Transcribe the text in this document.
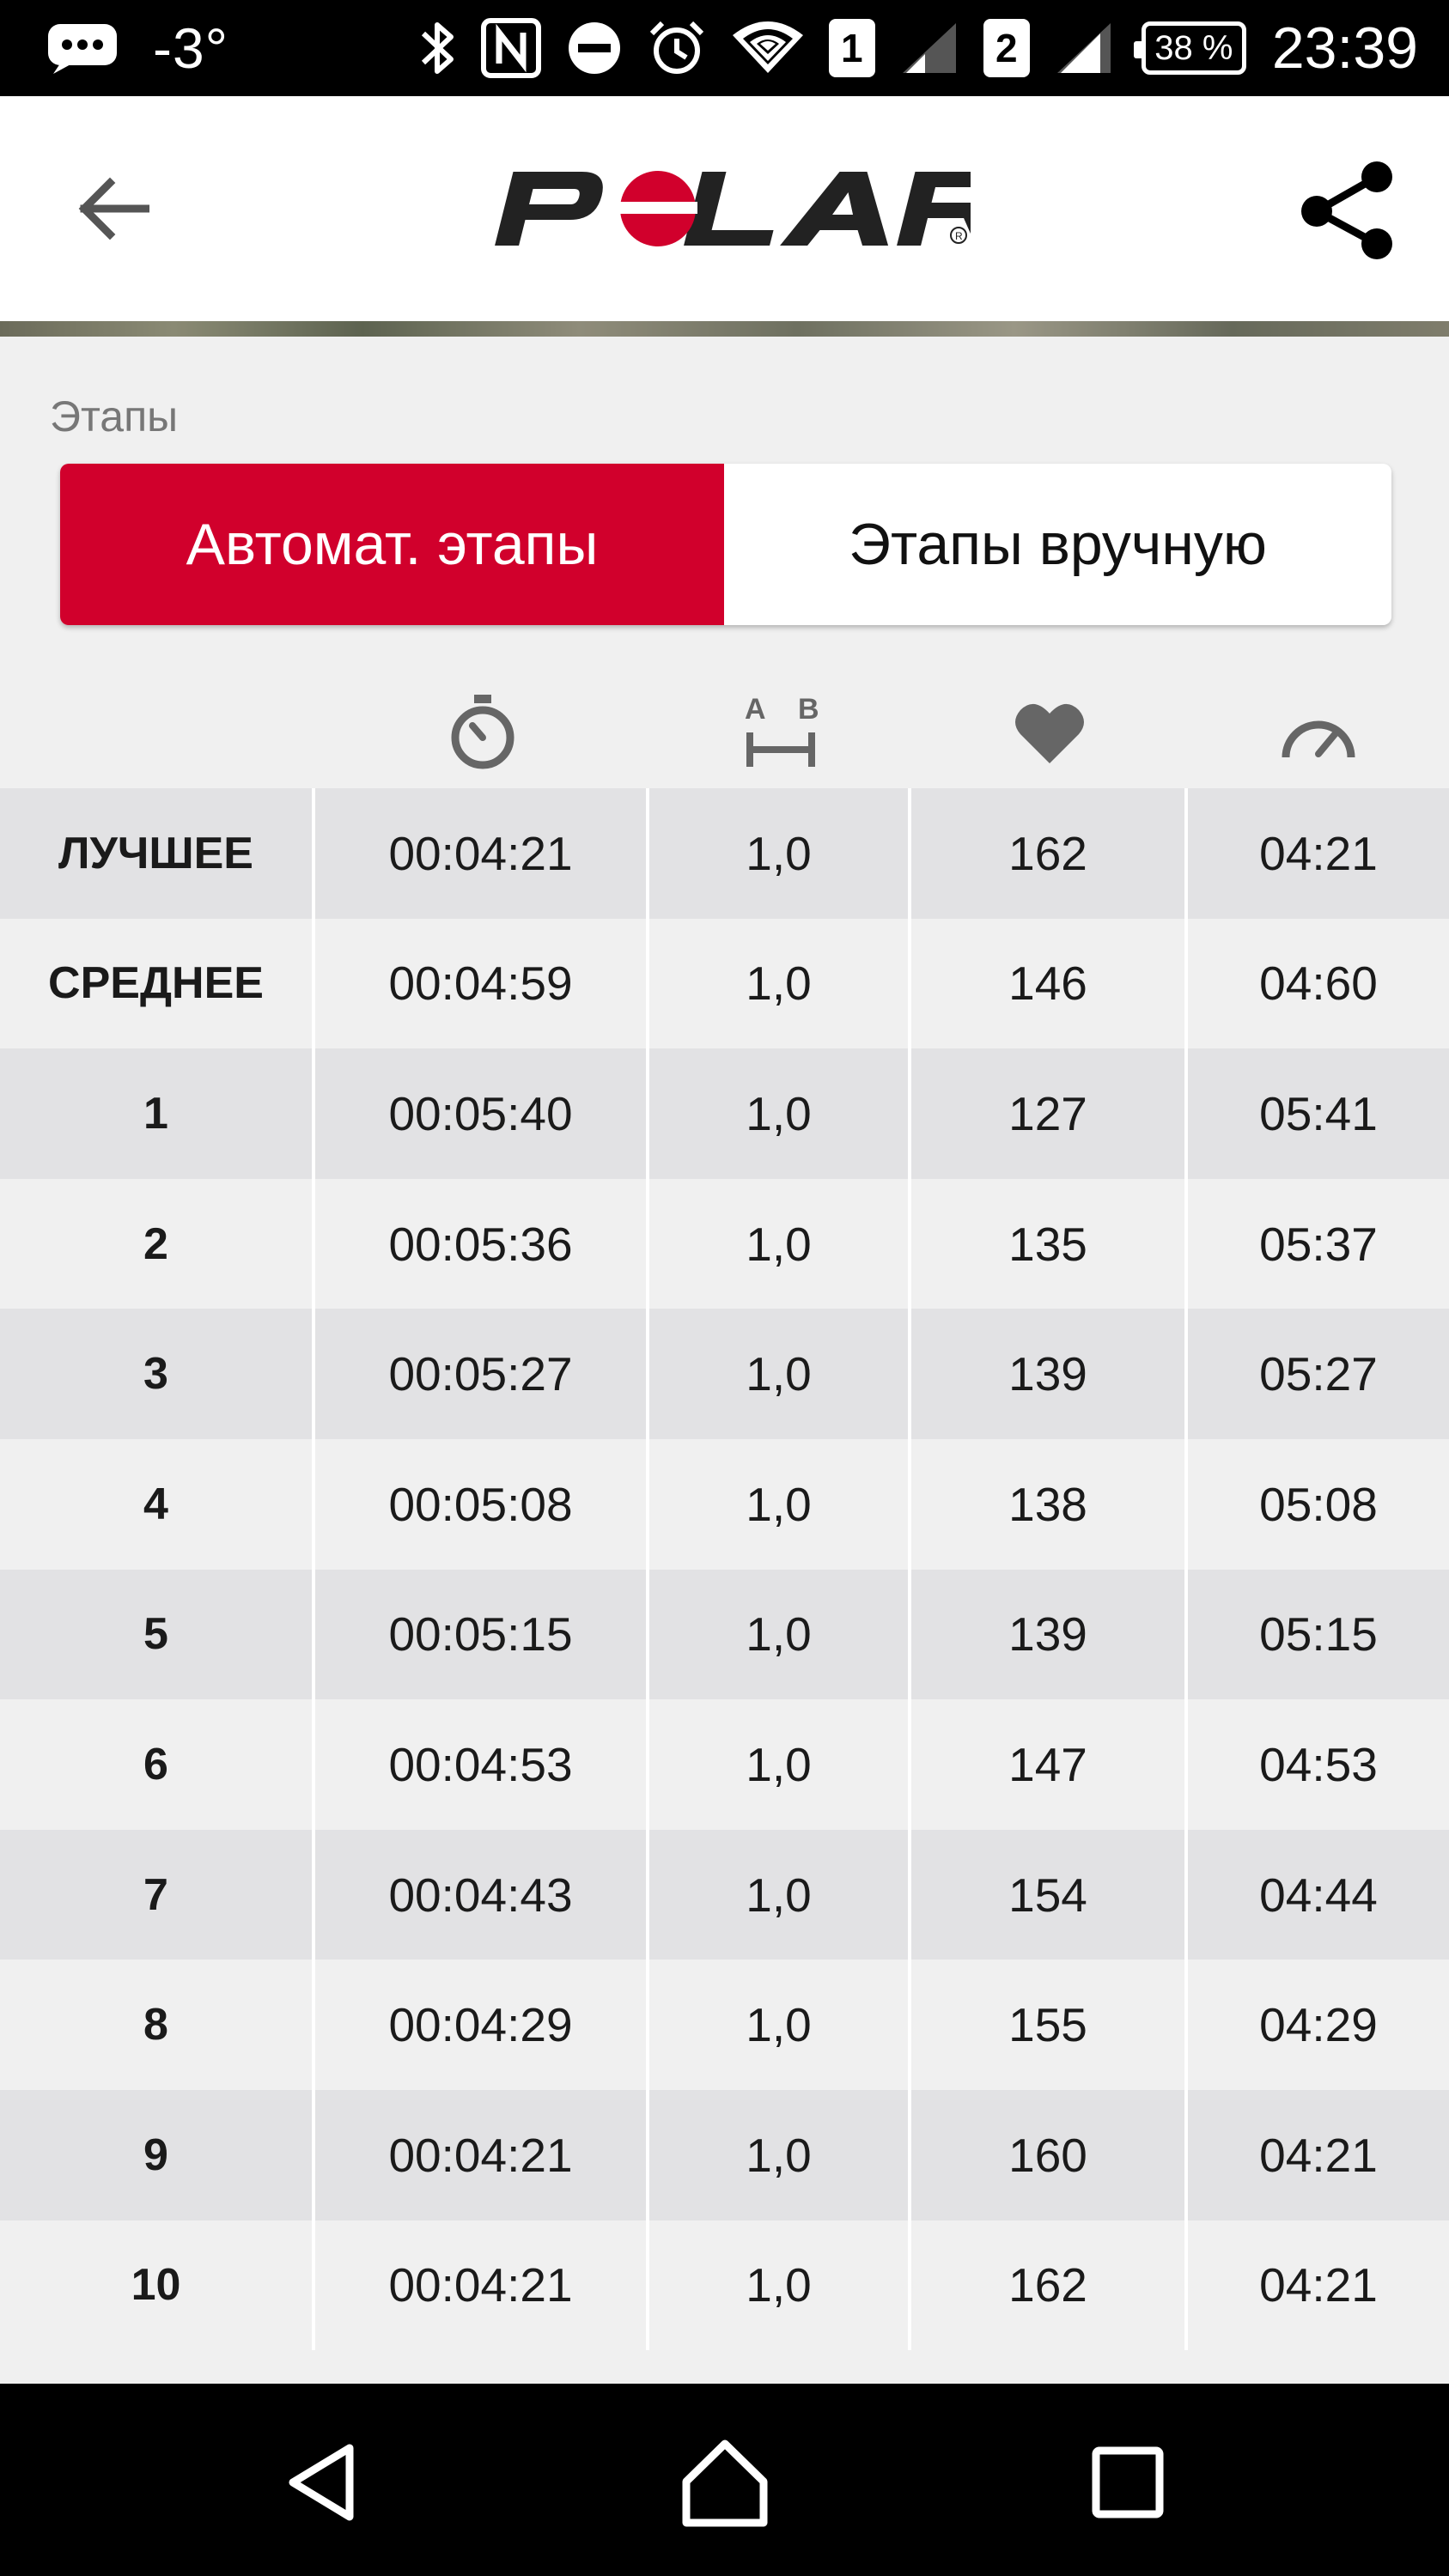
-3°	1	2	38 % 23:39
R
Этапы
Автомат. этапы	Этапы вручную
A B
ЛУЧШЕЕ	00:04:21	1,0	162	04:21
СРЕДНЕЕ	00:04:59	1,0	146	04:60
1	00:05:40	1,0	127	05:41
2	00:05:36	1,0	135	05:37
3	00:05:27	1,0	139	05:27
4	00:05:08	1,0	138	05:08
5	00:05:15	1,0	139	05:15
6	00:04:53	1,0	147	04:53
7	00:04:43	1,0	154	04:44
8	00:04:29	1,0	155	04:29
9	00:04:21	1,0	160	04:21
10	00:04:21	1,0	162	04:21
